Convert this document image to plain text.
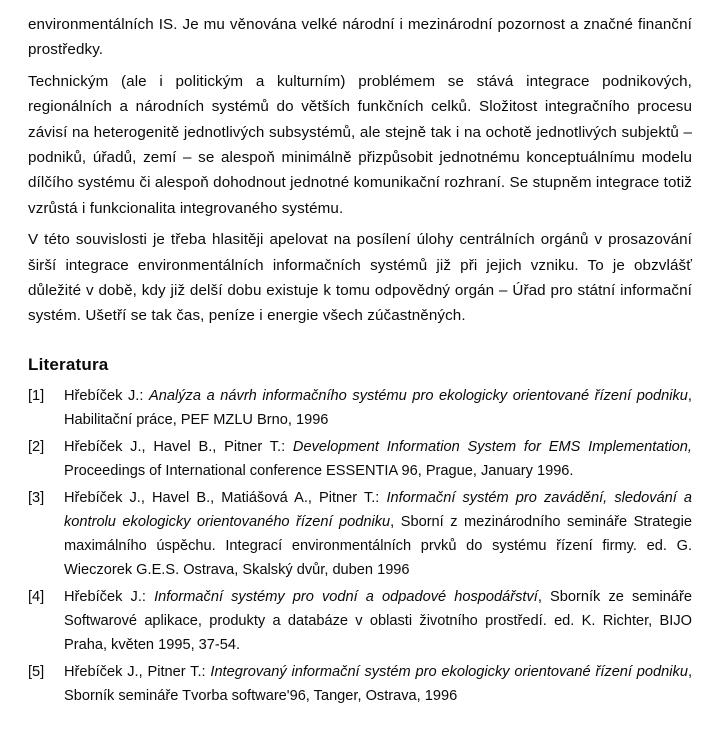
environmentálních IS. Je mu věnována velké národní i mezinárodní pozornost a značné finanční prostředky.

Technickým (ale i politickým a kulturním) problémem se stává integrace podnikových, regionálních a národních systémů do větších funkčních celků. Složitost integračního procesu závisí na heterogenitě jednotlivých subsystémů, ale stejně tak i na ochotě jednotlivých subjektů – podniků, úřadů, zemí – se alespoň minimálně přizpůsobit jednotnému konceptuálnímu modelu dílčího systému či alespoň dohodnout jednotné komunikační rozhraní. Se stupněm integrace totiž vzrůstá i funkcionalita integrovaného systému.

V této souvislosti je třeba hlasitěji apelovat na posílení úlohy centrálních orgánů v prosazování širší integrace environmentálních informačních systémů již při jejich vzniku. To je obzvlášť důležité v době, kdy již delší dobu existuje k tomu odpovědný orgán – Úřad pro státní informační systém. Ušetří se tak čas, peníze i energie všech zúčastněných.

Literatura
[1]	Hřebíček J.: Analýza a návrh informačního systému pro ekologicky orientované řízení podniku, Habilitační práce, PEF MZLU Brno, 1996
[2]	Hřebíček J., Havel B., Pitner T.: Development Information System for EMS Implementation, Proceedings of International conference ESSENTIA 96, Prague, January 1996.
[3]	Hřebíček J., Havel B., Matiášová A., Pitner T.: Informační systém pro zavádění, sledování a kontrolu ekologicky orientovaného řízení podniku, Sborní z mezinárodního semináře Strategie maximálního úspěchu. Integrací environmentálních prvků do systému řízení firmy. ed. G. Wieczorek G.E.S. Ostrava, Skalský dvůr, duben 1996
[4]	Hřebíček J.: Informační systémy pro vodní a odpadové hospodářství, Sborník ze semináře Softwarové aplikace, produkty a databáze v oblasti životního prostředí. ed. K. Richter, BIJO Praha, květen 1995, 37-54.
[5]	Hřebíček J., Pitner T.: Integrovaný informační systém pro ekologicky orientované řízení podniku, Sborník semináře Tvorba software'96, Tanger, Ostrava, 1996
